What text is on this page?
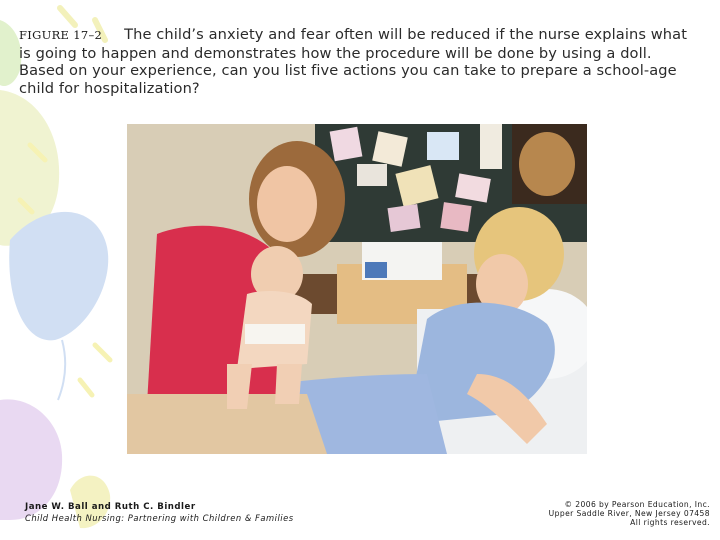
FIGURE 17–2 The child’s anxiety and fear often will be reduced if the nurse explains what is going to happen and demonstrates how the procedure will be done by using a doll. Based on your experience, can you list five actions you can take to prepare a school-age child for hospitalization?
Jane W. Ball and Ruth C. Bindler
Child Health Nursing: Partnering with Children & Families
© 2006 by Pearson Education, Inc.
Upper Saddle River, New Jersey 07458
All rights reserved.
